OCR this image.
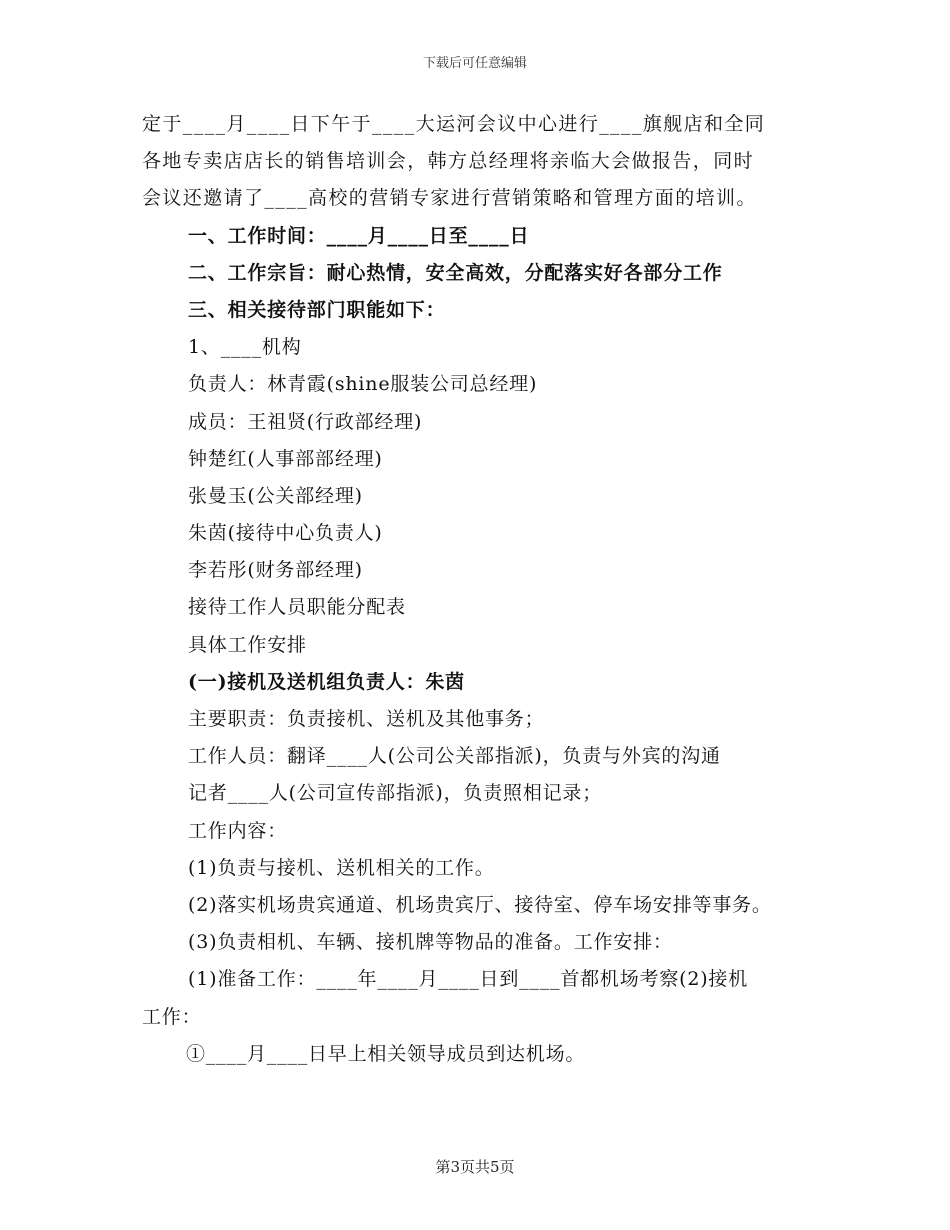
下载后可任意编辑
定于____月____日下午于____大运河会议中心进行____旗舰店和全同
各地专卖店店长的销售培训会，韩方总经理将亲临大会做报告，同时
会议还邀请了____高校的营销专家进行营销策略和管理方面的培训。
一、工作时间：____月____日至____日
二、工作宗旨：耐心热情，安全高效，分配落实好各部分工作
三、相关接待部门职能如下：
1、____机构
负责人：林青霞(shine服装公司总经理)
成员：王祖贤(行政部经理)
钟楚红(人事部部经理)
张曼玉(公关部经理)
朱茵(接待中心负责人)
李若彤(财务部经理)
接待工作人员职能分配表
具体工作安排
(一)接机及送机组负责人：朱茵
主要职责：负责接机、送机及其他事务；
工作人员：翻译____人(公司公关部指派)，负责与外宾的沟通
记者____人(公司宣传部指派)，负责照相记录；
工作内容：
(1)负责与接机、送机相关的工作。
(2)落实机场贵宾通道、机场贵宾厅、接待室、停车场安排等事务。
(3)负责相机、车辆、接机牌等物品的准备。工作安排：
(1)准备工作：____年____月____日到____首都机场考察(2)接机
工作：
①____月____日早上相关领导成员到达机场。
第3页共5页
